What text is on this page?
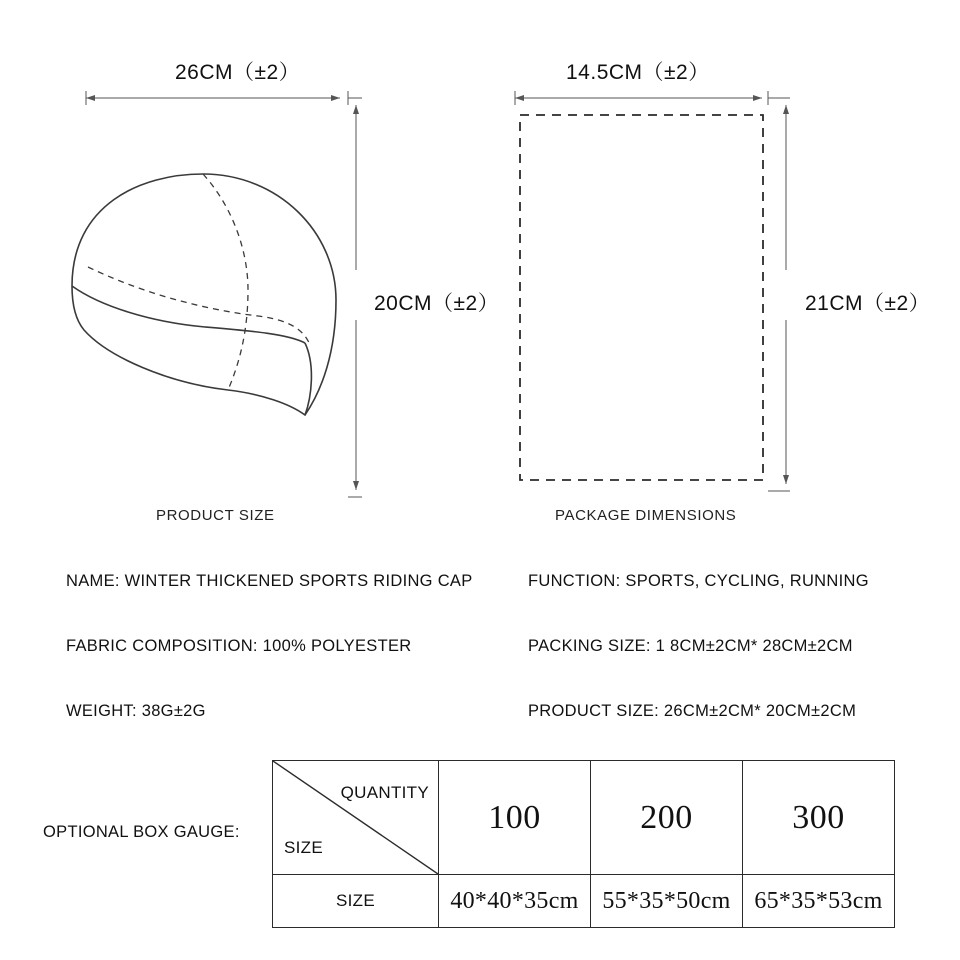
26CM（±2）
20CM（±2）
14.5CM（±2）
21CM（±2）
PRODUCT SIZE	PACKAGE DIMENSIONS
NAME: WINTER THICKENED SPORTS RIDING CAP
FABRIC COMPOSITION: 100% POLYESTER
WEIGHT: 38G±2G
FUNCTION: SPORTS, CYCLING, RUNNING
PACKING SIZE: 1 8CM±2CM* 28CM±2CM
PRODUCT SIZE: 26CM±2CM* 20CM±2CM
OPTIONAL BOX GAUGE:
QUANTITY
SIZE	100	200	300
SIZE	40*40*35cm	55*35*50cm	65*35*53cm
